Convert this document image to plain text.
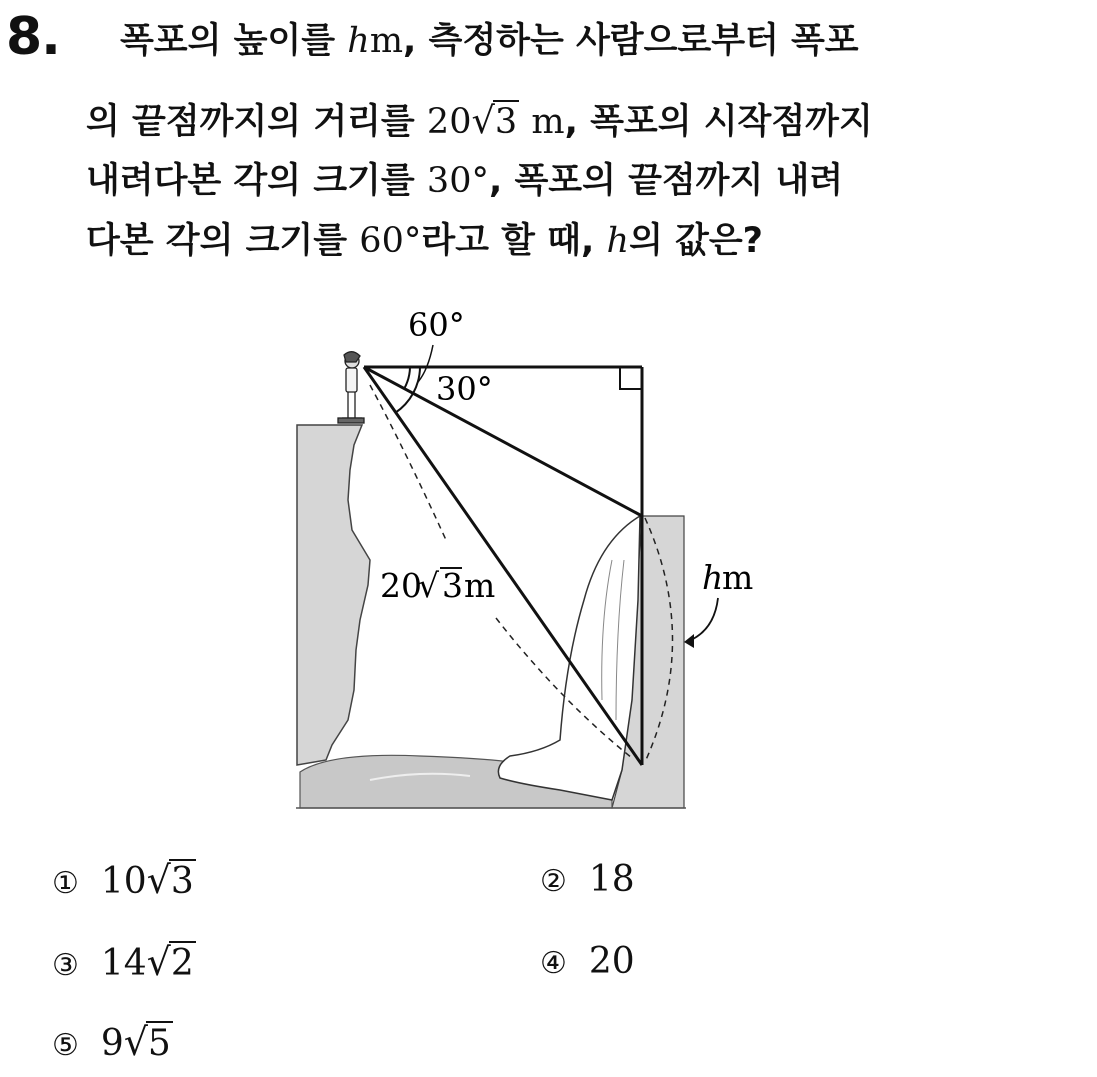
8. 폭포의 높이를 hm, 측정하는 사람으로부터 폭포
의 끝점까지의 거리를 20√3 m, 폭포의 시작점까지
내려다본 각의 크기를 30°, 폭포의 끝점까지 내려
다본 각의 크기를 60°라고 할 때, h의 값은?
60°
30°
20
√ 3 m	h
m
① 10√3	② 18
③ 14√2	④ 20
⑤ 9√5
